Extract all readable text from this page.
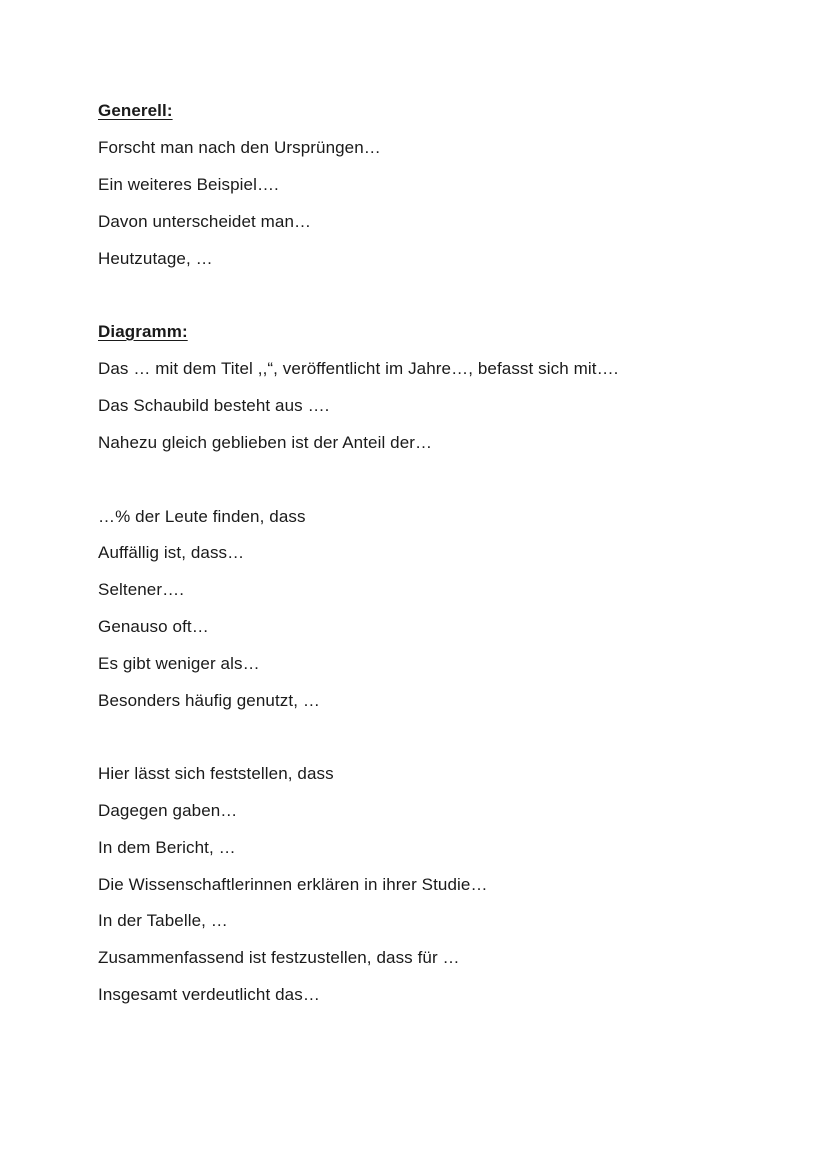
Generell:
Forscht man nach den Ursprüngen…
Ein weiteres Beispiel….
Davon unterscheidet man…
Heutzutage, …
Diagramm:
Das … mit dem Titel ,,“, veröffentlicht im Jahre…, befasst sich mit….
Das Schaubild besteht aus ….
Nahezu gleich geblieben ist der Anteil der…
…% der Leute finden, dass
Auffällig ist, dass…
Seltener….
Genauso oft…
Es gibt weniger als…
Besonders häufig genutzt, …
Hier lässt sich feststellen, dass
Dagegen gaben…
In dem Bericht, …
Die Wissenschaftlerinnen erklären in ihrer Studie…
In der Tabelle, …
Zusammenfassend ist festzustellen, dass für …
Insgesamt verdeutlicht das…
